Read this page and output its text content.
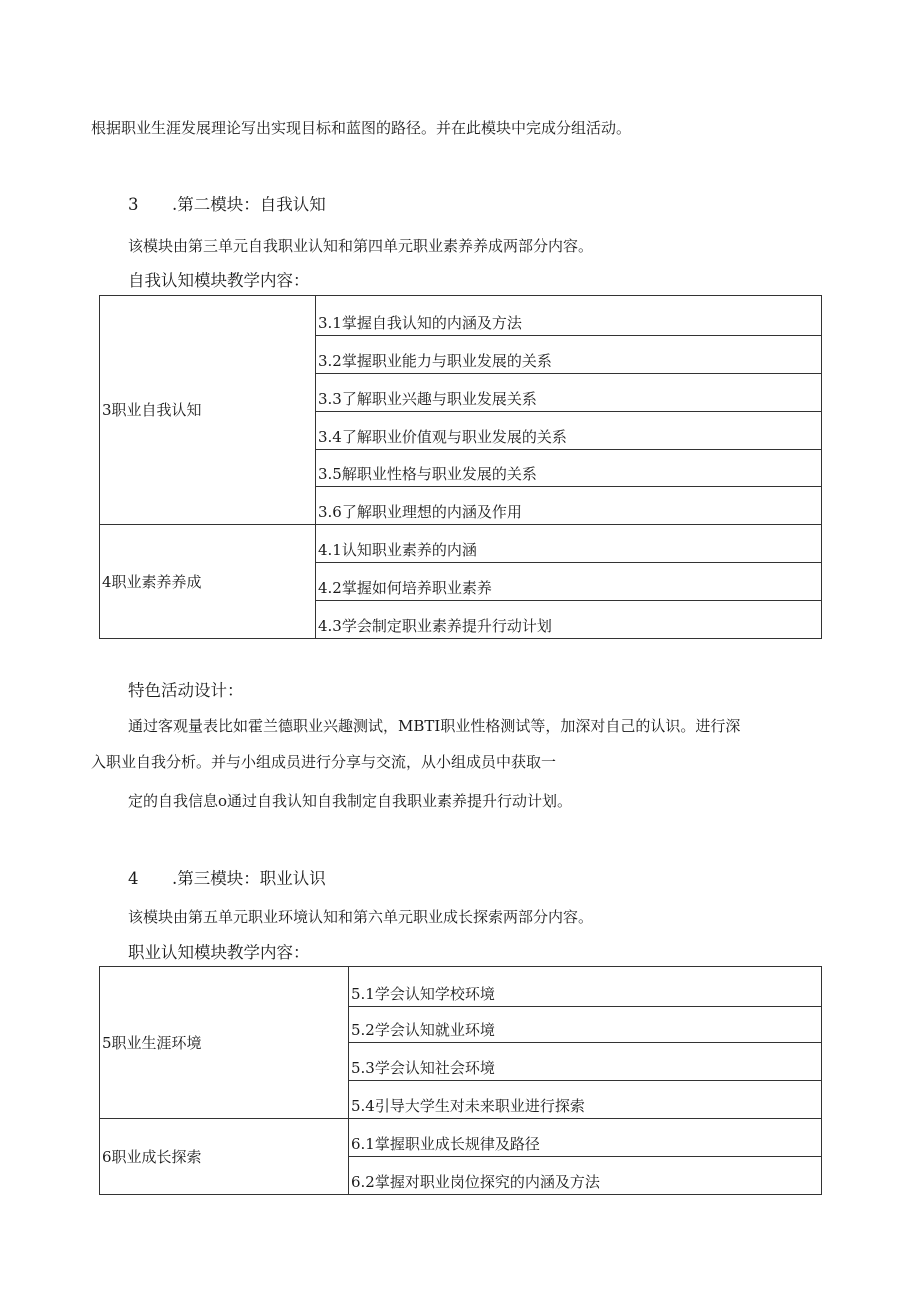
根据职业生涯发展理论写出实现目标和蓝图的路径。并在此模块中完成分组活动。
3 .第二模块：自我认知
该模块由第三单元自我职业认知和第四单元职业素养养成两部分内容。
自我认知模块教学内容：
3职业自我认知	3.1掌握自我认知的内涵及方法
	3.2掌握职业能力与职业发展的关系
	3.3了解职业兴趣与职业发展关系
	3.4了解职业价值观与职业发展的关系
	3.5解职业性格与职业发展的关系
	3.6了解职业理想的内涵及作用
4职业素养养成	4.1认知职业素养的内涵
	4.2掌握如何培养职业素养
	4.3学会制定职业素养提升行动计划
特色活动设计：
通过客观量表比如霍兰德职业兴趣测试，MBTI职业性格测试等，加深对自己的认识。进行深
入职业自我分析。并与小组成员进行分享与交流，从小组成员中获取一
定的自我信息o通过自我认知自我制定自我职业素养提升行动计划。
4 .第三模块：职业认识
该模块由第五单元职业环境认知和第六单元职业成长探索两部分内容。
职业认知模块教学内容：
5职业生涯环境	5.1学会认知学校环境
	5.2学会认知就业环境
	5.3学会认知社会环境
	5.4引导大学生对未来职业进行探索
6职业成长探索	6.1掌握职业成长规律及路径
	6.2掌握对职业岗位探究的内涵及方法
